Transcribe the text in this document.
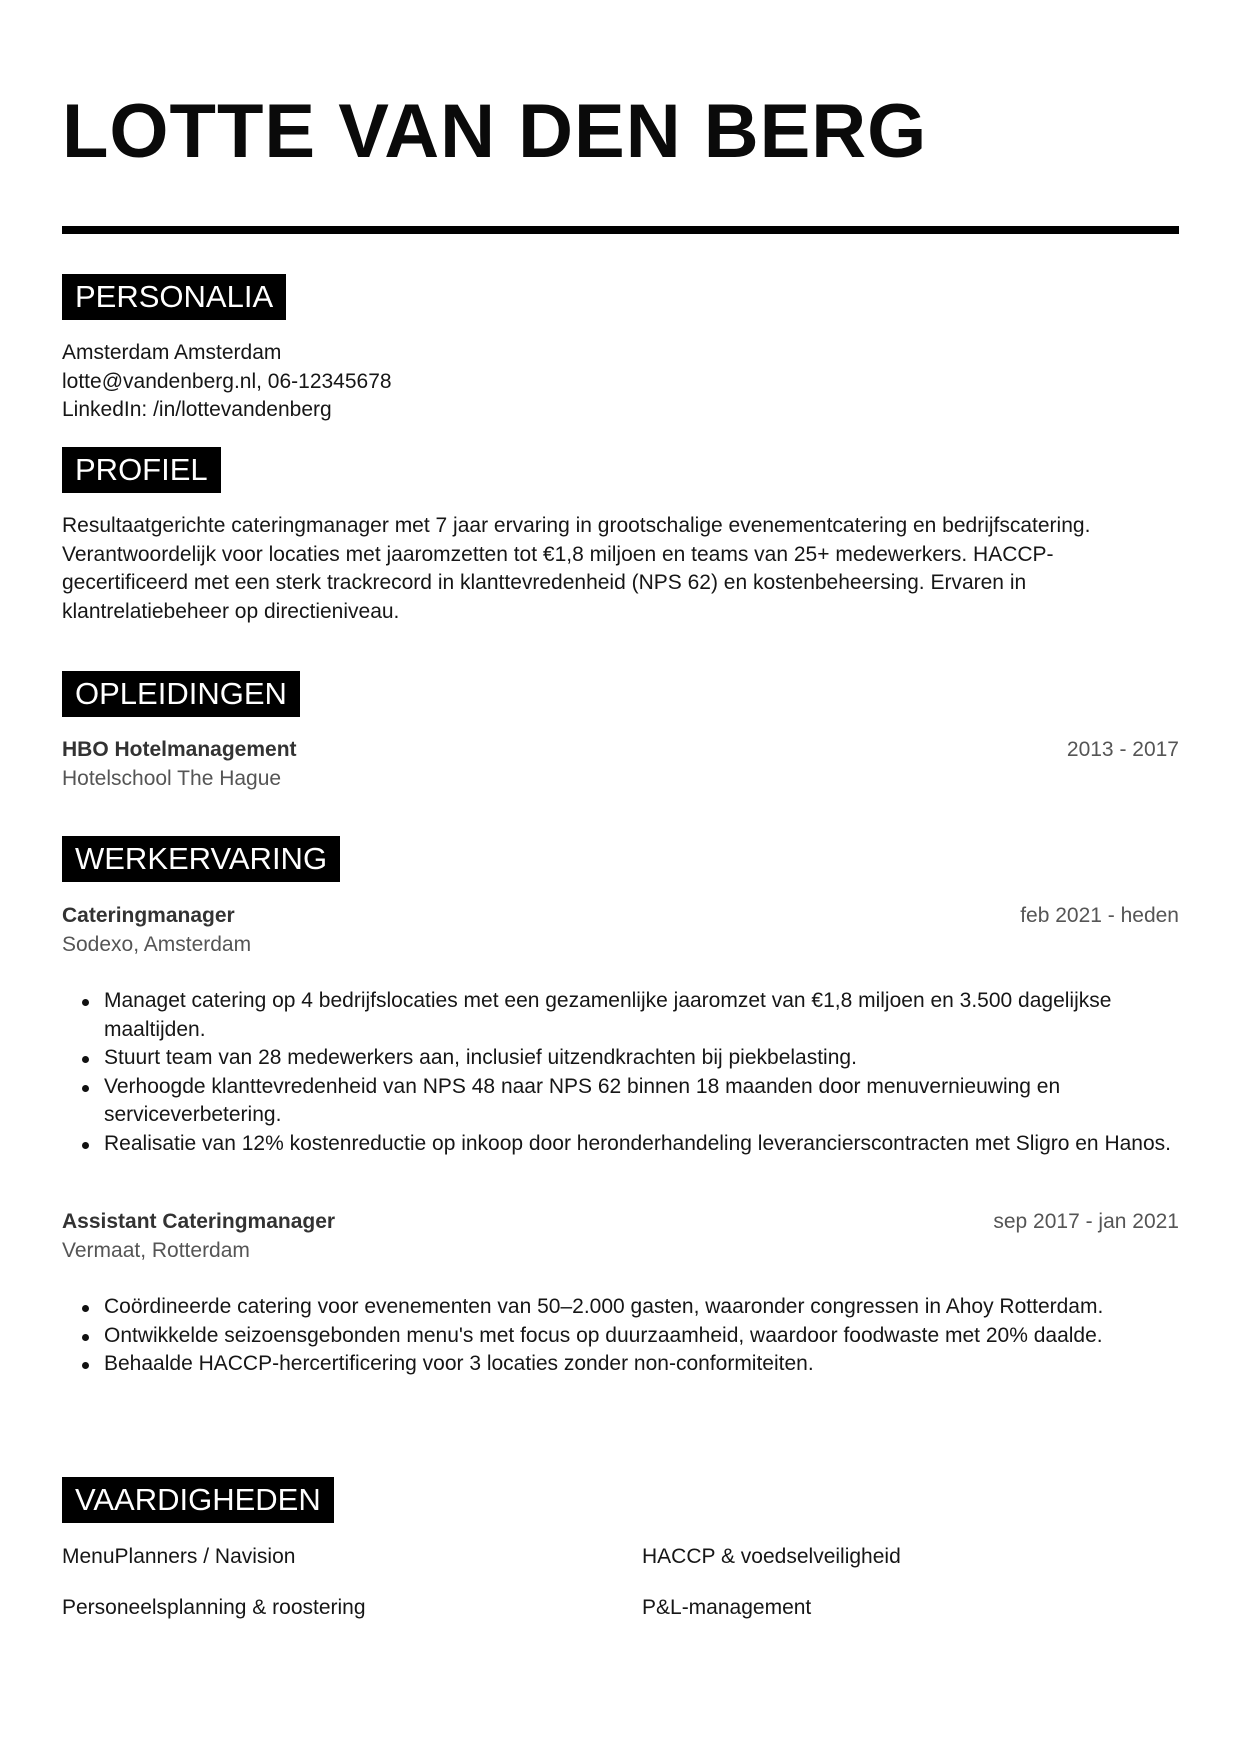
LOTTE VAN DEN BERG
PERSONALIA

Amsterdam Amsterdam

lotte@vandenberg.nl, 06-12345678

LinkedIn: /in/lottevandenberg

PROFIEL

Resultaatgerichte cateringmanager met 7 jaar ervaring in grootschalige evenementcatering en bedrijfscatering. Verantwoordelijk voor locaties met jaaromzetten tot €1,8 miljoen en teams van 25+ medewerkers. HACCP-gecertificeerd met een sterk trackrecord in klanttevredenheid (NPS 62) en kostenbeheersing. Ervaren in klantrelatiebeheer op directieniveau.

OPLEIDINGEN
HBO Hotelmanagement	2013 - 2017

Hotelschool The Hague

WERKERVARING
Cateringmanager	feb 2021 - heden

Sodexo, Amsterdam

Managet catering op 4 bedrijfslocaties met een gezamenlijke jaaromzet van €1,8 miljoen en 3.500 dagelijkse maaltijden.
Stuurt team van 28 medewerkers aan, inclusief uitzendkrachten bij piekbelasting.
Verhoogde klanttevredenheid van NPS 48 naar NPS 62 binnen 18 maanden door menuvernieuwing en serviceverbetering.
Realisatie van 12% kostenreductie op inkoop door heronderhandeling leverancierscontracten met Sligro en Hanos.
Assistant Cateringmanager	sep 2017 - jan 2021

Vermaat, Rotterdam

Coördineerde catering voor evenementen van 50–2.000 gasten, waaronder congressen in Ahoy Rotterdam.
Ontwikkelde seizoensgebonden menu's met focus op duurzaamheid, waardoor foodwaste met 20% daalde.
Behaalde HACCP-hercertificering voor 3 locaties zonder non-conformiteiten.
VAARDIGHEDEN
MenuPlanners / Navision	HACCP & voedselveiligheid
Personeelsplanning & roostering	P&L-management
